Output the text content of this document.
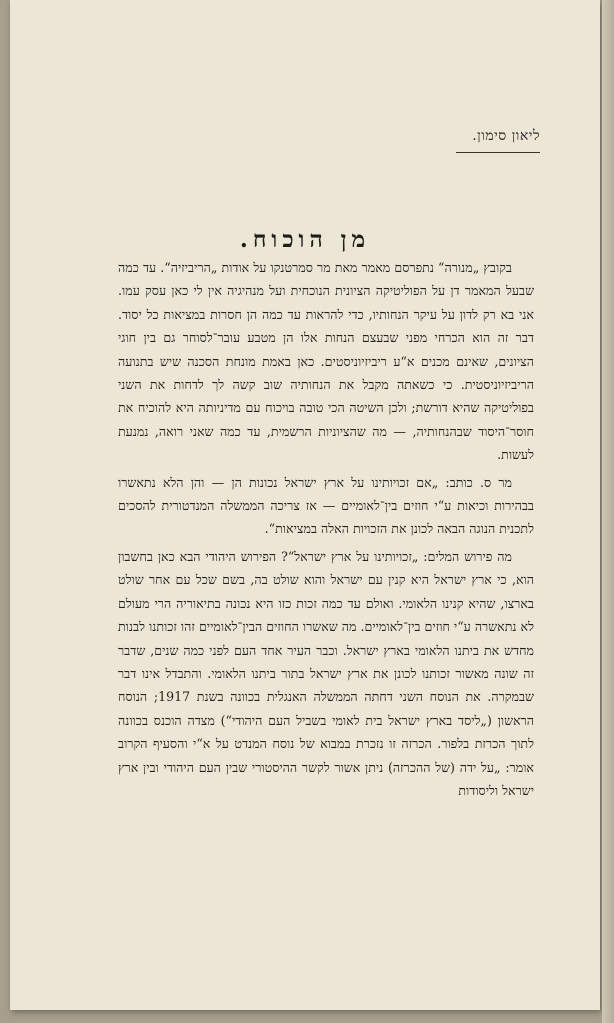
ליאון סימון.
מן הוכוח.

בקובץ „מנורה“ נתפרסם מאמר מאת מר סמרטנקו על אודות „הריביזיה“. עד כמה שבעל המאמר דן על הפוליטיקה הציונית הנוכחית ועל מנהיגיה אין לי כאן עסק עמו. אני בא רק לדון על עיקר הנחותיו, כדי להראות עד כמה הן חסרות במציאות כל יסוד. דבר זה הוא הכרחי מפני שבעצם הנחות אלו הן מטבע עובר־לסוחר גם בין חוגי הציונים, שאינם מכנים א“ע ריביזיוניסטים. כאן באמת מונחת הסכנה שיש בתנועה הריביזיוניסטית. כי כשאתה מקבל את הנחותיה שוב קשה לך לדחות את השני בפוליטיקה שהיא דורשת; ולכן השיטה הכי טובה בויכוח עם מדיניותה היא להוכיח את חוסר־היסוד שבהנחותיה, — מה שהציוניות הרשמית, עד כמה שאני רואה, נמנעת לעשות.

מר ס. כותב: „אם זכויותינו על ארץ ישראל נכונות הן — והן הלא נתאשרו בבהירות וכיאות ע“י חוזים בין־לאומיים — אז צריכה הממשלה המנדטורית להסכים לתכנית הנוגה הבאה לכונן את הזכויות האלה במציאות“.

מה פירוש המלים: „זכויותינו על ארץ ישראל“? הפירוש היהודי הבא כאן בחשבון הוא, כי ארץ ישראל היא קנין עם ישראל והוא שולט בה, בשם שכל עם אחר שולט בארצו, שהיא קנינו הלאומי. ואולם עד כמה זכות כזו היא נכונה בתיאוריה הרי מעולם לא נתאשרה ע“י חוזים בין־לאומיים. מה שאשרו החוזים הבין־לאומיים זהו זכותנו לבנות מחדש את ביתנו הלאומי בארץ ישראל. וכבר העיר אחד העם לפני כמה שנים, שדבר זה שונה מאשור זכותנו לכונן את ארץ ישראל בתור ביתנו הלאומי. והתבדל אינו דבר שבמקרה. את הנוסח השני דחתה הממשלה האנגלית בכוונה בשנת 1917; הנוסח הראשון („ליסד בארץ ישראל בית לאומי בשביל העם היהודי“) מצדה הוכנס בכוונה לתוך הכרזת בלפור. הכרזה זו נזכרת במבוא של נוסח המנדט על א“י והסעיף הקרוב אומר: „על ידה (של ההכרזה) ניתן אשור לקשר ההיסטורי שבין העם היהודי ובין ארץ ישראל וליסודות
